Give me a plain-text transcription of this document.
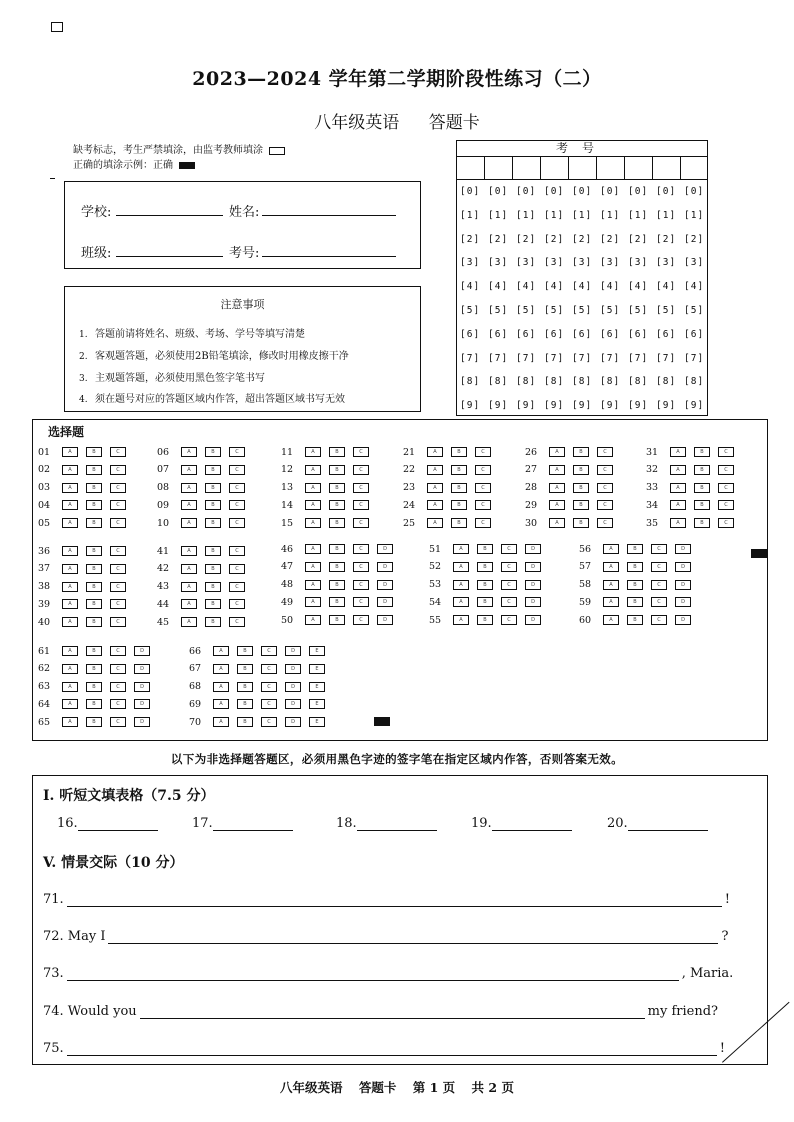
2023—2024 学年第二学期阶段性练习（二）
八年级英语 答题卡
缺考标志，考生严禁填涂，由监考教师填涂
正确的填涂示例：正确
学校:	姓名:
班级:	考号:
注意事项
1. 答题前请将姓名、班级、考场、学号等填写清楚
2. 客观题答题，必须使用2B铅笔填涂，修改时用橡皮擦干净
3. 主观题答题，必须使用黑色签字笔书写
4. 须在题号对应的答题区域内作答，超出答题区域书写无效
考号
[0] [0] [0] [0] [0] [0] [0] [0] [0]
[1] [1] [1] [1] [1] [1] [1] [1] [1]
[2] [2] [2] [2] [2] [2] [2] [2] [2]
[3] [3] [3] [3] [3] [3] [3] [3] [3]
[4] [4] [4] [4] [4] [4] [4] [4] [4]
[5] [5] [5] [5] [5] [5] [5] [5] [5]
[6] [6] [6] [6] [6] [6] [6] [6] [6]
[7] [7] [7] [7] [7] [7] [7] [7] [7]
[8] [8] [8] [8] [8] [8] [8] [8] [8]
[9] [9] [9] [9] [9] [9] [9] [9] [9]
选择题
01	A	B	C
02	A	B	C
03	A	B	C
04	A	B	C
05	A	B	C
06	A	B	C
07	A	B	C
08	A	B	C
09	A	B	C
10	A	B	C
11	A	B	C
12	A	B	C
13	A	B	C
14	A	B	C
15	A	B	C
21	A	B	C
22	A	B	C
23	A	B	C
24	A	B	C
25	A	B	C
26	A	B	C
27	A	B	C
28	A	B	C
29	A	B	C
30	A	B	C
31	A	B	C
32	A	B	C
33	A	B	C
34	A	B	C
35	A	B	C
36	A	B	C
37	A	B	C
38	A	B	C
39	A	B	C
40	A	B	C
41	A	B	C
42	A	B	C
43	A	B	C
44	A	B	C
45	A	B	C
46	A	B	C	D
47	A	B	C	D
48	A	B	C	D
49	A	B	C	D
50	A	B	C	D
51	A	B	C	D
52	A	B	C	D
53	A	B	C	D
54	A	B	C	D
55	A	B	C	D
56	A	B	C	D
57	A	B	C	D
58	A	B	C	D
59	A	B	C	D
60	A	B	C	D
61	A	B	C	D
62	A	B	C	D
63	A	B	C	D
64	A	B	C	D
65	A	B	C	D
66	A	B	C	D	E
67	A	B	C	D	E
68	A	B	C	D	E
69	A	B	C	D	E
70	A	B	C	D	E
以下为非选择题答题区，必须用黑色字迹的签字笔在指定区域内作答，否则答案无效。
I. 听短文填表格（7.5 分）
V. 情景交际（10 分）
16.	17.	18.	19.	20.
71.	!
72. May I	?
73.	, Maria.
74. Would you	my friend?
75.	!
八年级英语 答题卡 第 1 页 共 2 页
